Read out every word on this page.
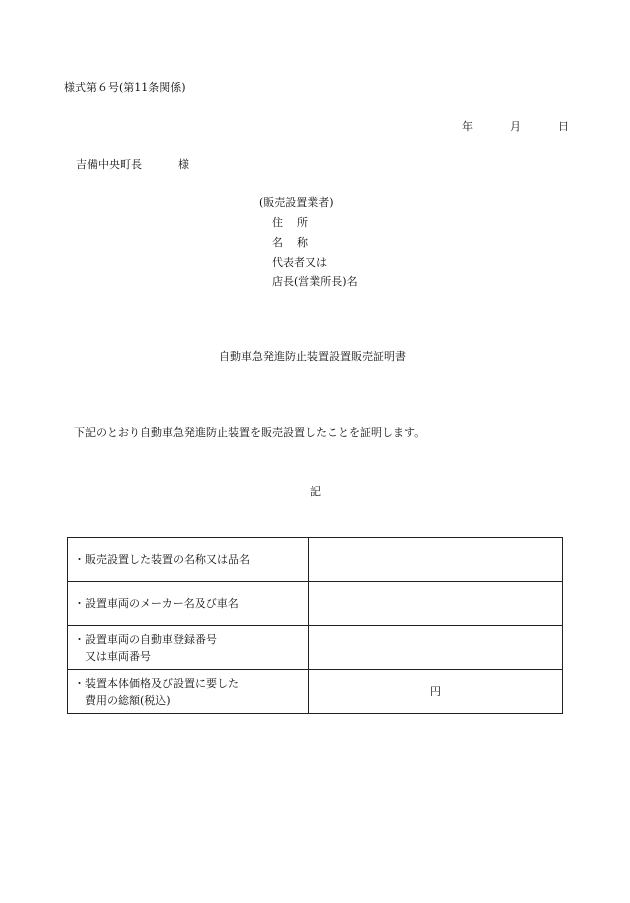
様式第６号(第11条関係)
年	月	日
吉備中央町長	様
(販売設置業者)
住所
名称
代表者又は
店長(営業所長)名
自動車急発進防止装置設置販売証明書
下記のとおり自動車急発進防止装置を販売設置したことを証明します。
記
・販売設置した装置の名称又は品名	

・設置車両のメーカー名及び車名	

・設置車両の自動車登録番号
又は車両番号	

・装置本体価格及び設置に要した
費用の総額(税込)	円
